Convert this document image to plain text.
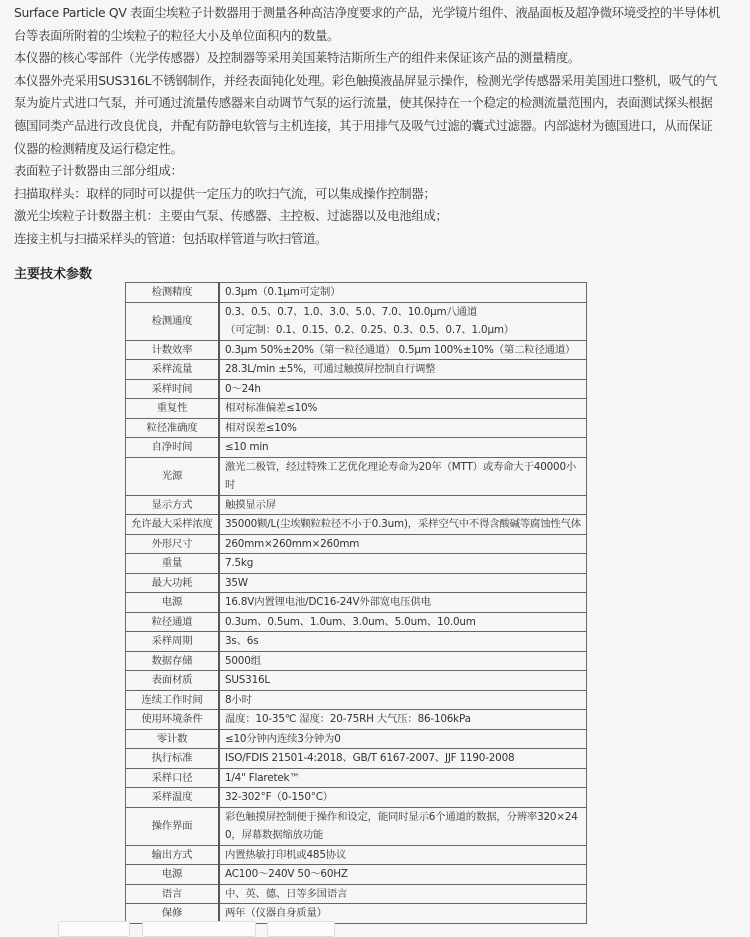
Surface Particle QV 表面尘埃粒子计数器用于测量各种高洁净度要求的产品，光学镜片组件、液晶面板及超净微环境受控的半导体机
台等表面所附着的尘埃粒子的粒径大小及单位面积内的数量。
本仪器的核心零部件（光学传感器）及控制器等采用美国莱特洁斯所生产的组件来保证该产品的测量精度。
本仪器外壳采用SUS316L不锈钢制作，并经表面钝化处理。彩色触摸液晶屏显示操作，检测光学传感器采用美国进口整机，吸气的气
泵为旋片式进口气泵，并可通过流量传感器来自动调节气泵的运行流量，使其保持在一个稳定的检测流量范围内，表面测试探头根据
德国同类产品进行改良优良，并配有防静电软管与主机连接，其于用排气及吸气过滤的囊式过滤器。内部滤材为德国进口，从而保证
仪器的检测精度及运行稳定性。
表面粒子计数器由三部分组成：
扫描取样头：取样的同时可以提供一定压力的吹扫气流，可以集成操作控制器；
激光尘埃粒子计数器主机：主要由气泵、传感器、主控板、过滤器以及电池组成；
连接主机与扫描采样头的管道：包括取样管道与吹扫管道。
主要技术参数
检测精度	0.3μm（0.1μm可定制）

检测通度	0.3、0.5、0.7、1.0、3.0、5.0、7.0、10.0μm八通道
（可定制：0.1、0.15、0.2、0.25、0.3、0.5、0.7、1.0μm）

计数效率	0.3μm 50%±20%（第一粒径通道） 0.5μm 100%±10%（第二粒径通道）

采样流量	28.3L/min ±5%，可通过触摸屏控制自行调整

采样时间	0～24h

重复性	相对标准偏差≤10%

粒径准确度	相对误差≤10%

自净时间	≤10 min

光源	激光二极管，经过特殊工艺优化理论寿命为20年（MTT）或寿命大于40000小
时

显示方式	触摸显示屏

允许最大采样浓度	35000颗/L(尘埃颗粒粒径不小于0.3um)，采样空气中不得含酸碱等腐蚀性气体

外形尺寸	260mm×260mm×260mm

重量	7.5kg

最大功耗	35W

电源	16.8V内置锂电池/DC16-24V外部宽电压供电

粒径通道	0.3um、0.5um、1.0um、3.0um、5.0um、10.0um

采样周期	3s、6s

数据存储	5000组

表面材质	SUS316L

连续工作时间	8小时

使用环境条件	温度：10-35℃ 湿度：20-75RH 大气压：86-106kPa

零计数	≤10分钟内连续3分钟为0

执行标准	ISO/FDIS 21501-4:2018、GB/T 6167-2007、JJF 1190-2008

采样口径	1/4" Flaretek™

采样温度	32-302°F（0-150°C）

操作界面	彩色触摸屏控制便于操作和设定，能同时显示6个通道的数据，分辨率320×24
0，屏幕数据缩放功能

输出方式	内置热敏打印机或485协议

电源	AC100～240V 50～60HZ

语言	中、英、德、日等多国语言

保修	两年（仪器自身质量）
